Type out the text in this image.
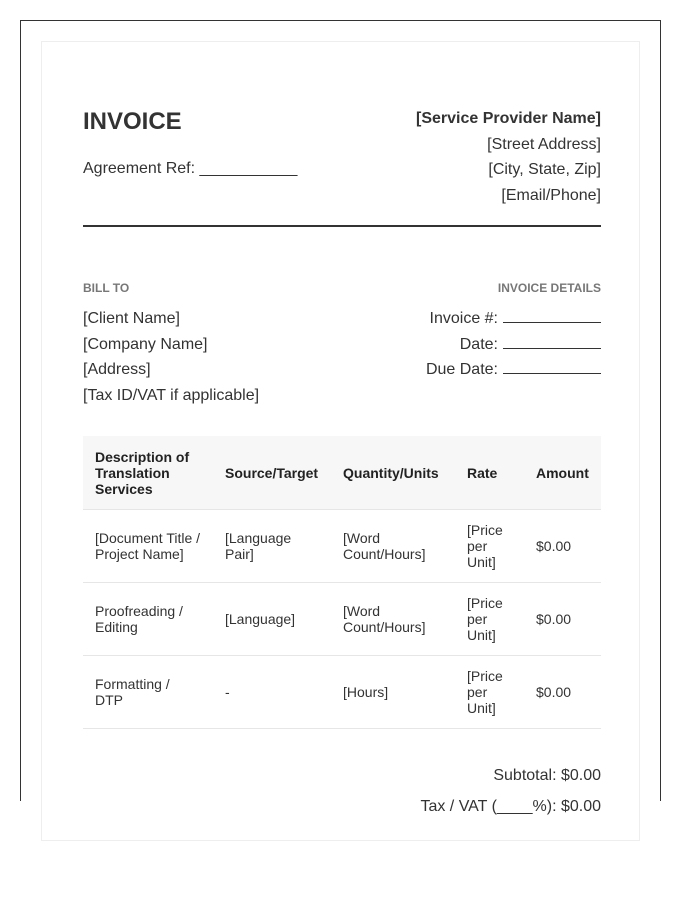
INVOICE
Agreement Ref: ___________
[Service Provider Name]
[Street Address]
[City, State, Zip]
[Email/Phone]
BILL TO	INVOICE DETAILS
[Client Name]
[Company Name]
[Address]
[Tax ID/VAT if applicable]
Invoice #:
Date:
Due Date:
Description of Translation Services	Source/Target	Quantity/Units	Rate	Amount
[Document Title / Project Name]	[Language Pair]	[Word Count/Hours]	[Price per Unit]	$0.00
Proofreading / Editing	[Language]	[Word Count/Hours]	[Price per Unit]	$0.00
Formatting / DTP	-	[Hours]	[Price per Unit]	$0.00
Subtotal: $0.00
Tax / VAT (____%): $0.00
